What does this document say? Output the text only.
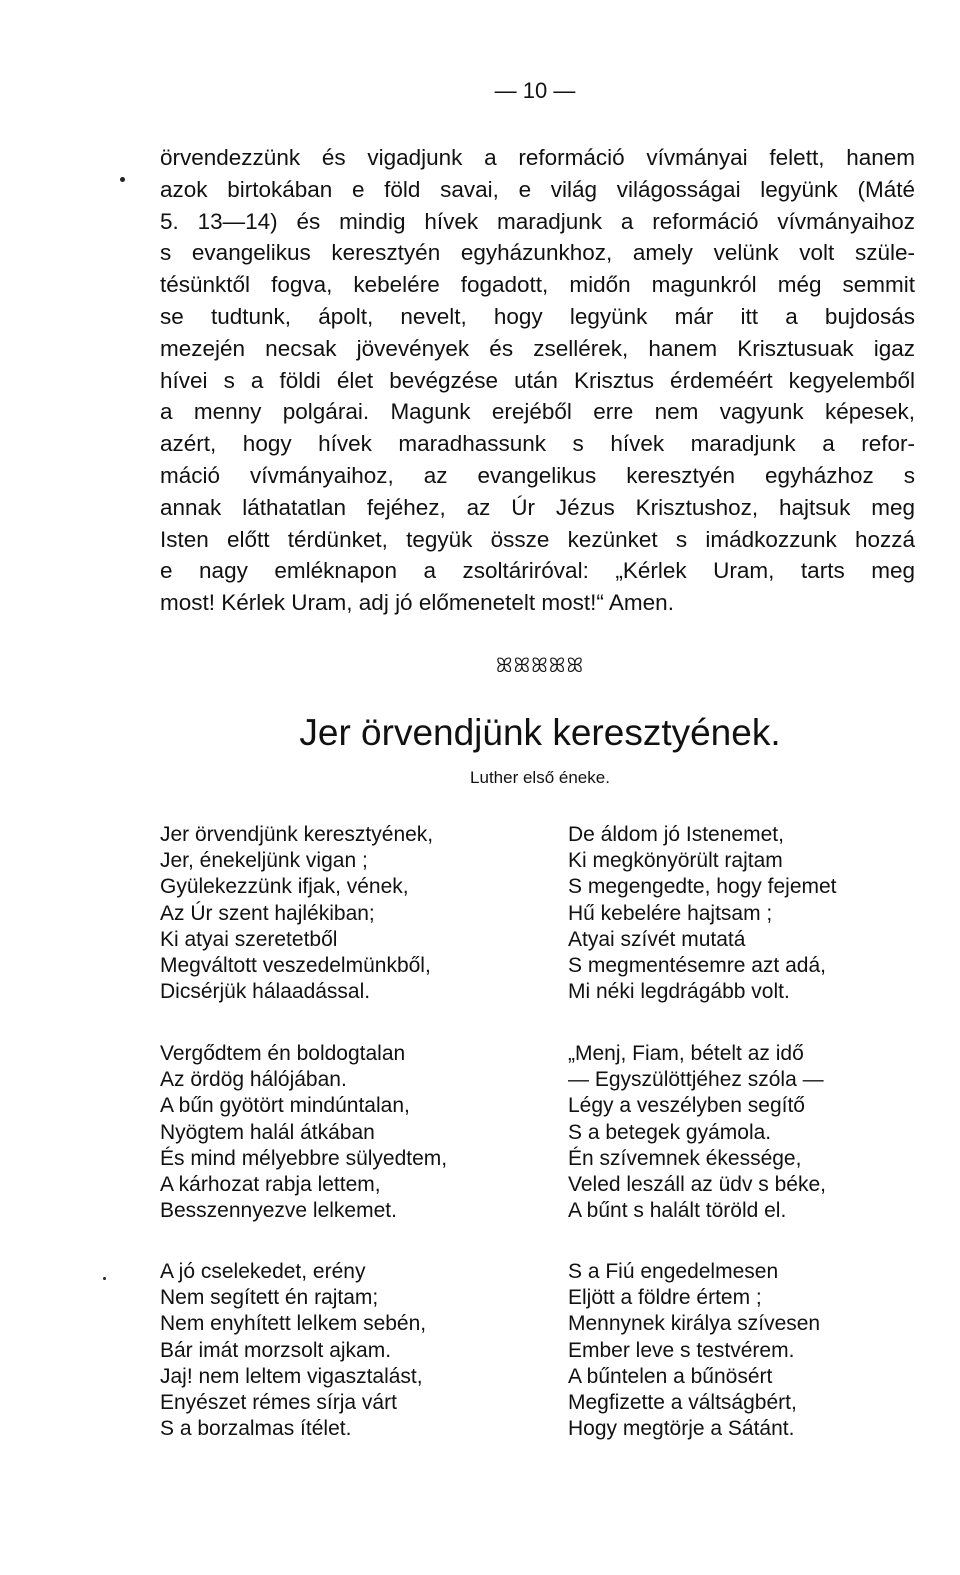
— 10 —

örvendezzünk és vigadjunk a reformáció vívmányai felett, hanem

azok birtokában e föld savai, e világ világosságai legyünk (Máté

5. 13—14) és mindig hívek maradjunk a reformáció vívmányaihoz

s evangelikus keresztyén egyházunkhoz, amely velünk volt szüle-

tésünktől fogva, kebelére fogadott, midőn magunkról még semmit

se tudtunk, ápolt, nevelt, hogy legyünk már itt a bujdosás

mezején necsak jövevények és zsellérek, hanem Krisztusuak igaz

hívei s a földi élet bevégzése után Krisztus érdeméért kegyelemből

a menny polgárai. Magunk erejéből erre nem vagyunk képesek,

azért, hogy hívek maradhassunk s hívek maradjunk a refor-

máció vívmányaihoz, az evangelikus keresztyén egyházhoz s

annak láthatatlan fejéhez, az Úr Jézus Krisztushoz, hajtsuk meg

Isten előtt térdünket, tegyük össze kezünket s imádkozzunk hozzá

e nagy emléknapon a zsoltáriróval: „Kérlek Uram, tarts meg

most! Kérlek Uram, adj jó előmenetelt most!“ Amen.

ꕤꕤꕤꕤꕤ
Jer örvendjünk keresztyének.
Luther első éneke.
Jer örvendjünk keresztyének,
Jer, énekeljünk vigan ;
Gyülekezzünk ifjak, vének,
Az Úr szent hajlékiban;
Ki atyai szeretetből
Megváltott veszedelmünkből,
Dicsérjük hálaadással.
Vergődtem én boldogtalan
Az ördög hálójában.
A bűn gyötört mindúntalan,
Nyögtem halál átkában
És mind mélyebbre sülyedtem,
A kárhozat rabja lettem,
Besszennyezve lelkemet.
A jó cselekedet, erény
Nem segített én rajtam;
Nem enyhített lelkem sebén,
Bár imát morzsolt ajkam.
Jaj! nem leltem vigasztalást,
Enyészet rémes sírja várt
S a borzalmas ítélet.
De áldom jó Istenemet,
Ki megkönyörült rajtam
S megengedte, hogy fejemet
Hű kebelére hajtsam ;
Atyai szívét mutatá
S megmentésemre azt adá,
Mi néki legdrágább volt.
„Menj, Fiam, bételt az idő
— Egyszülöttjéhez szóla —
Légy a veszélyben segítő
S a betegek gyámola.
Én szívemnek ékessége,
Veled leszáll az üdv s béke,
A bűnt s halált töröld el.
S a Fiú engedelmesen
Eljött a földre értem ;
Mennynek királya szívesen
Ember leve s testvérem.
A bűntelen a bűnösért
Megfizette a váltságbért,
Hogy megtörje a Sátánt.
